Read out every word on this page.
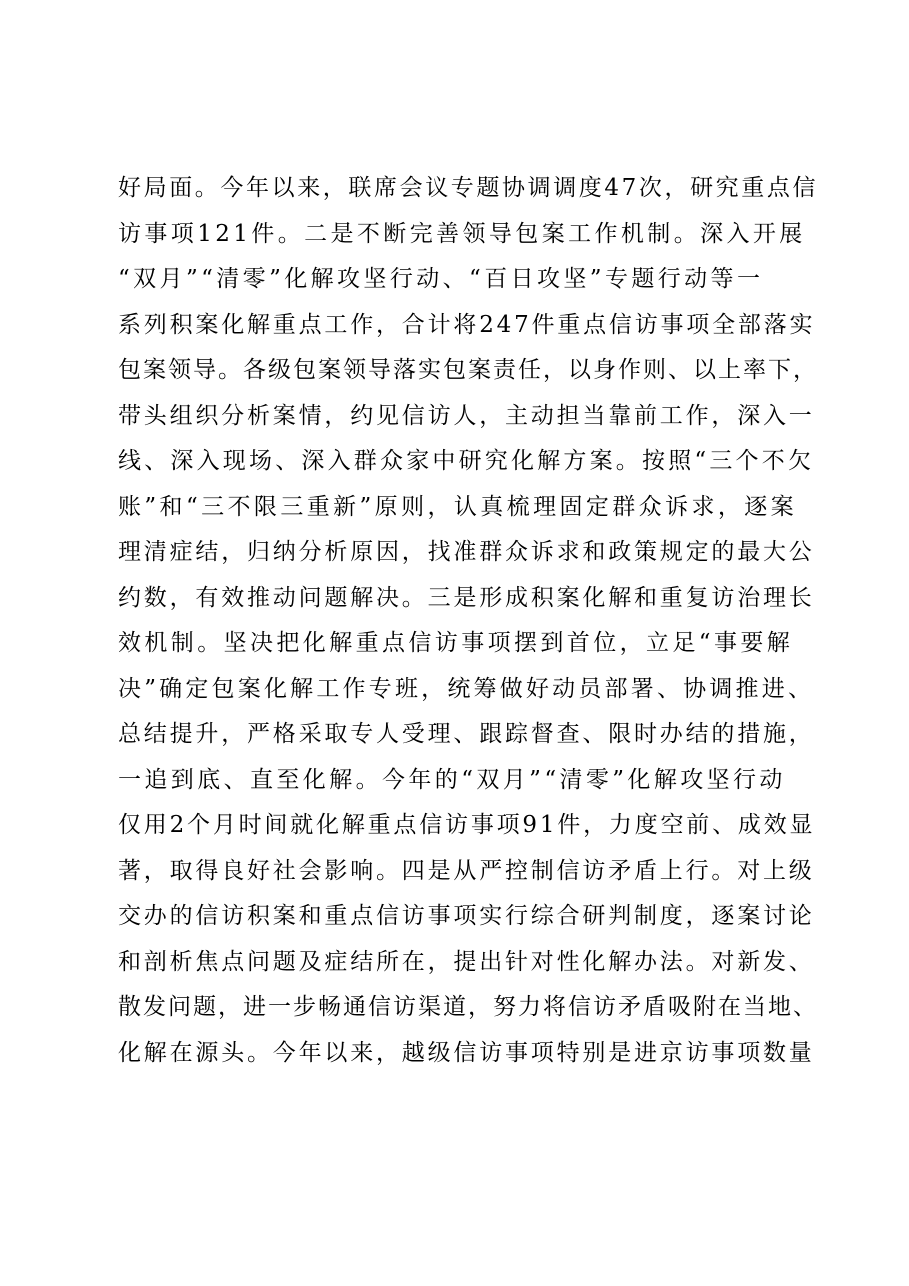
好局面。今年以来，联席会议专题协调调度47次，研究重点信
访事项121件。二是不断完善领导包案工作机制。深入开展
“双月”“清零”化解攻坚行动、“百日攻坚”专题行动等一
系列积案化解重点工作，合计将247件重点信访事项全部落实
包案领导。各级包案领导落实包案责任，以身作则、以上率下，
带头组织分析案情，约见信访人，主动担当靠前工作，深入一
线、深入现场、深入群众家中研究化解方案。按照“三个不欠
账”和“三不限三重新”原则，认真梳理固定群众诉求，逐案
理清症结，归纳分析原因，找准群众诉求和政策规定的最大公
约数，有效推动问题解决。三是形成积案化解和重复访治理长
效机制。坚决把化解重点信访事项摆到首位，立足“事要解
决”确定包案化解工作专班，统筹做好动员部署、协调推进、
总结提升，严格采取专人受理、跟踪督查、限时办结的措施，
一追到底、直至化解。今年的“双月”“清零”化解攻坚行动
仅用2个月时间就化解重点信访事项91件，力度空前、成效显
著，取得良好社会影响。四是从严控制信访矛盾上行。对上级
交办的信访积案和重点信访事项实行综合研判制度，逐案讨论
和剖析焦点问题及症结所在，提出针对性化解办法。对新发、
散发问题，进一步畅通信访渠道，努力将信访矛盾吸附在当地、
化解在源头。今年以来，越级信访事项特别是进京访事项数量
